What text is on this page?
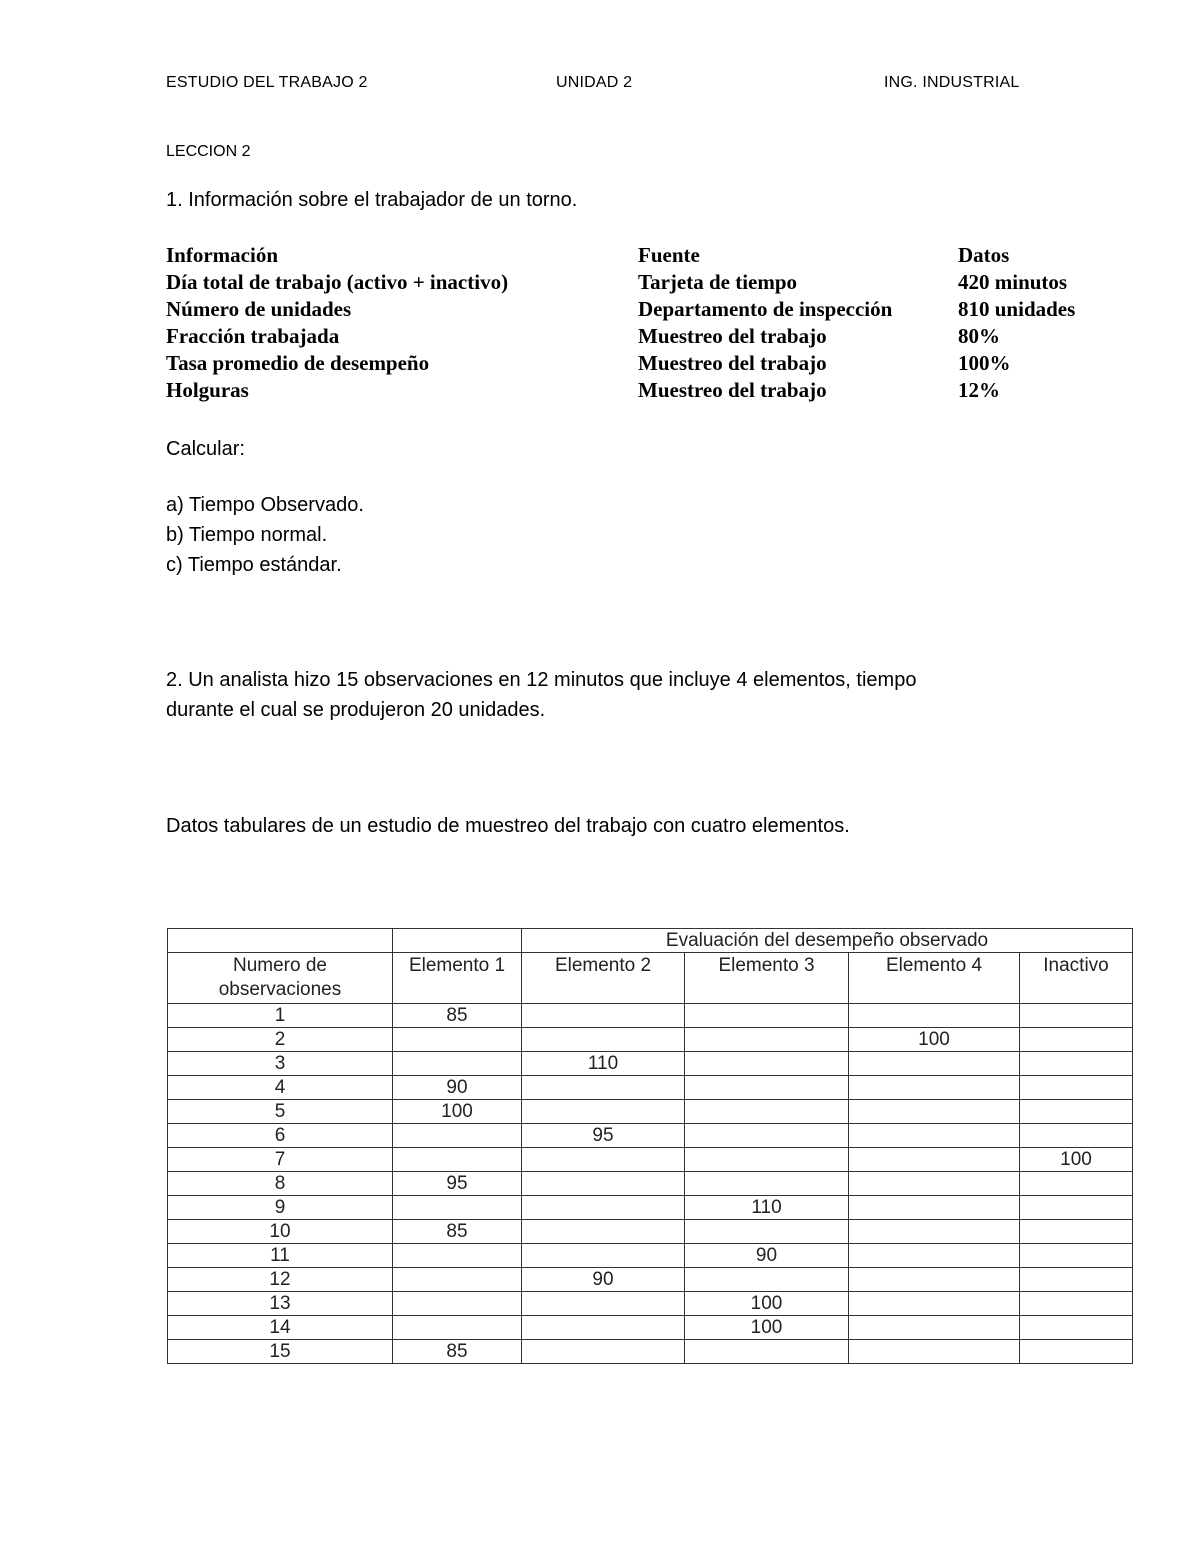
ESTUDIO DEL TRABAJO 2	UNIDAD 2	ING. INDUSTRIAL
LECCION 2
1. Información sobre el trabajador de un torno.
Información	Fuente	Datos
Día total de trabajo (activo + inactivo)	Tarjeta de tiempo	420 minutos
Número de unidades	Departamento de inspección	810 unidades
Fracción trabajada	Muestreo del trabajo	80%
Tasa promedio de desempeño	Muestreo del trabajo	100%
Holguras	Muestreo del trabajo	12%
Calcular:
a) Tiempo Observado.
b) Tiempo normal.
c) Tiempo estándar.
2. Un analista hizo 15 observaciones en 12 minutos que incluye 4 elementos, tiempo
durante el cual se produjeron 20 unidades.
Datos tabulares de un estudio de muestreo del trabajo con cuatro elementos.
		Evaluación del desempeño observado			

Numero de
observaciones	Elemento 1	Elemento 2	Elemento 3	Elemento 4	Inactivo
1	85				
2				100	
3		110			
4	90				
5	100				
6		95			
7					100
8	95				
9			110		
10	85				
11			90		
12		90			
13			100		
14			100		
15	85				
